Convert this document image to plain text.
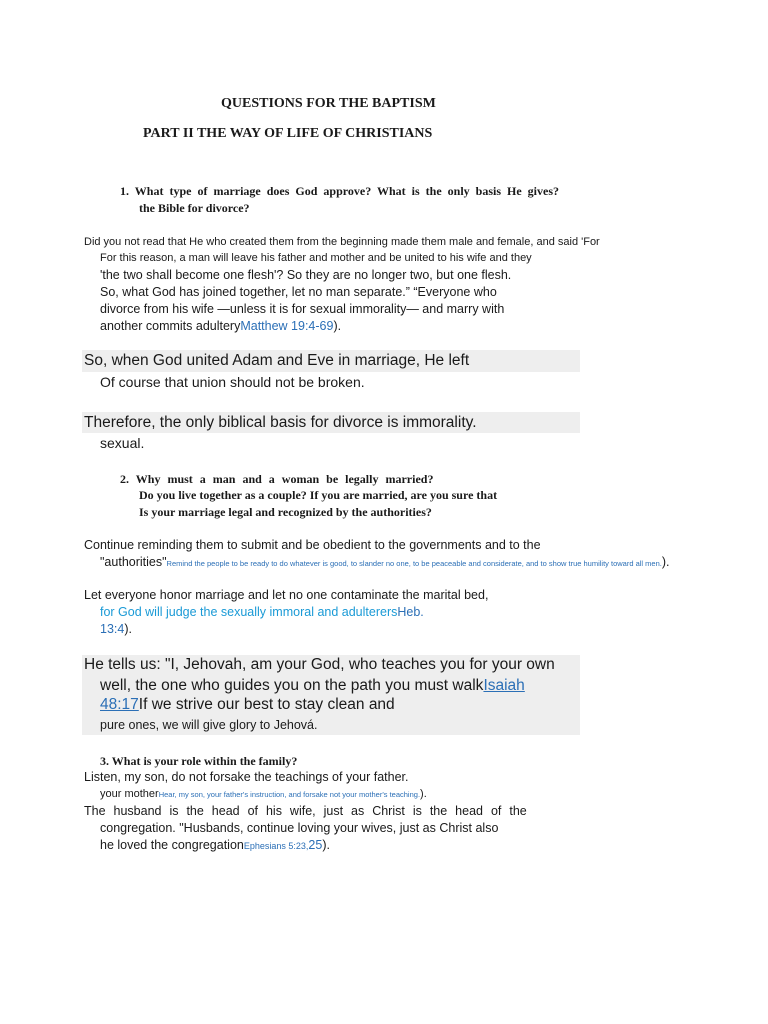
QUESTIONS FOR THE BAPTISM
PART II THE WAY OF LIFE OF CHRISTIANS
1. What type of marriage does God approve? What is the only basis He gives?
the Bible for divorce?
Did you not read that He who created them from the beginning made them male and female, and said 'For
For this reason, a man will leave his father and mother and be united to his wife and they
'the two shall become one flesh'? So they are no longer two, but one flesh.
So, what God has joined together, let no man separate.” “Everyone who
divorce from his wife —unless it is for sexual immorality— and marry with
another commits adulteryMatthew 19:4-69).
So, when God united Adam and Eve in marriage, He left
Of course that union should not be broken.
Therefore, the only biblical basis for divorce is immorality.
sexual.
2. Why must a man and a woman be legally married?
Do you live together as a couple? If you are married, are you sure that
Is your marriage legal and recognized by the authorities?
Continue reminding them to submit and be obedient to the governments and to the
"authorities"Remind the people to be ready to do whatever is good, to slander no one, to be peaceable and considerate, and to show true humility toward all men.).
Let everyone honor marriage and let no one contaminate the marital bed,
for God will judge the sexually immoral and adulterersHeb.
13:4).
He tells us: "I, Jehovah, am your God, who teaches you for your own
well, the one who guides you on the path you must walkIsaiah
48:17If we strive our best to stay clean and
pure ones, we will give glory to Jehová.
3. What is your role within the family?
Listen, my son, do not forsake the teachings of your father.
your motherHear, my son, your father's instruction, and forsake not your mother's teaching.).
The husband is the head of his wife, just as Christ is the head of the
congregation. "Husbands, continue loving your wives, just as Christ also
he loved the congregationEphesians 5:23,25).
